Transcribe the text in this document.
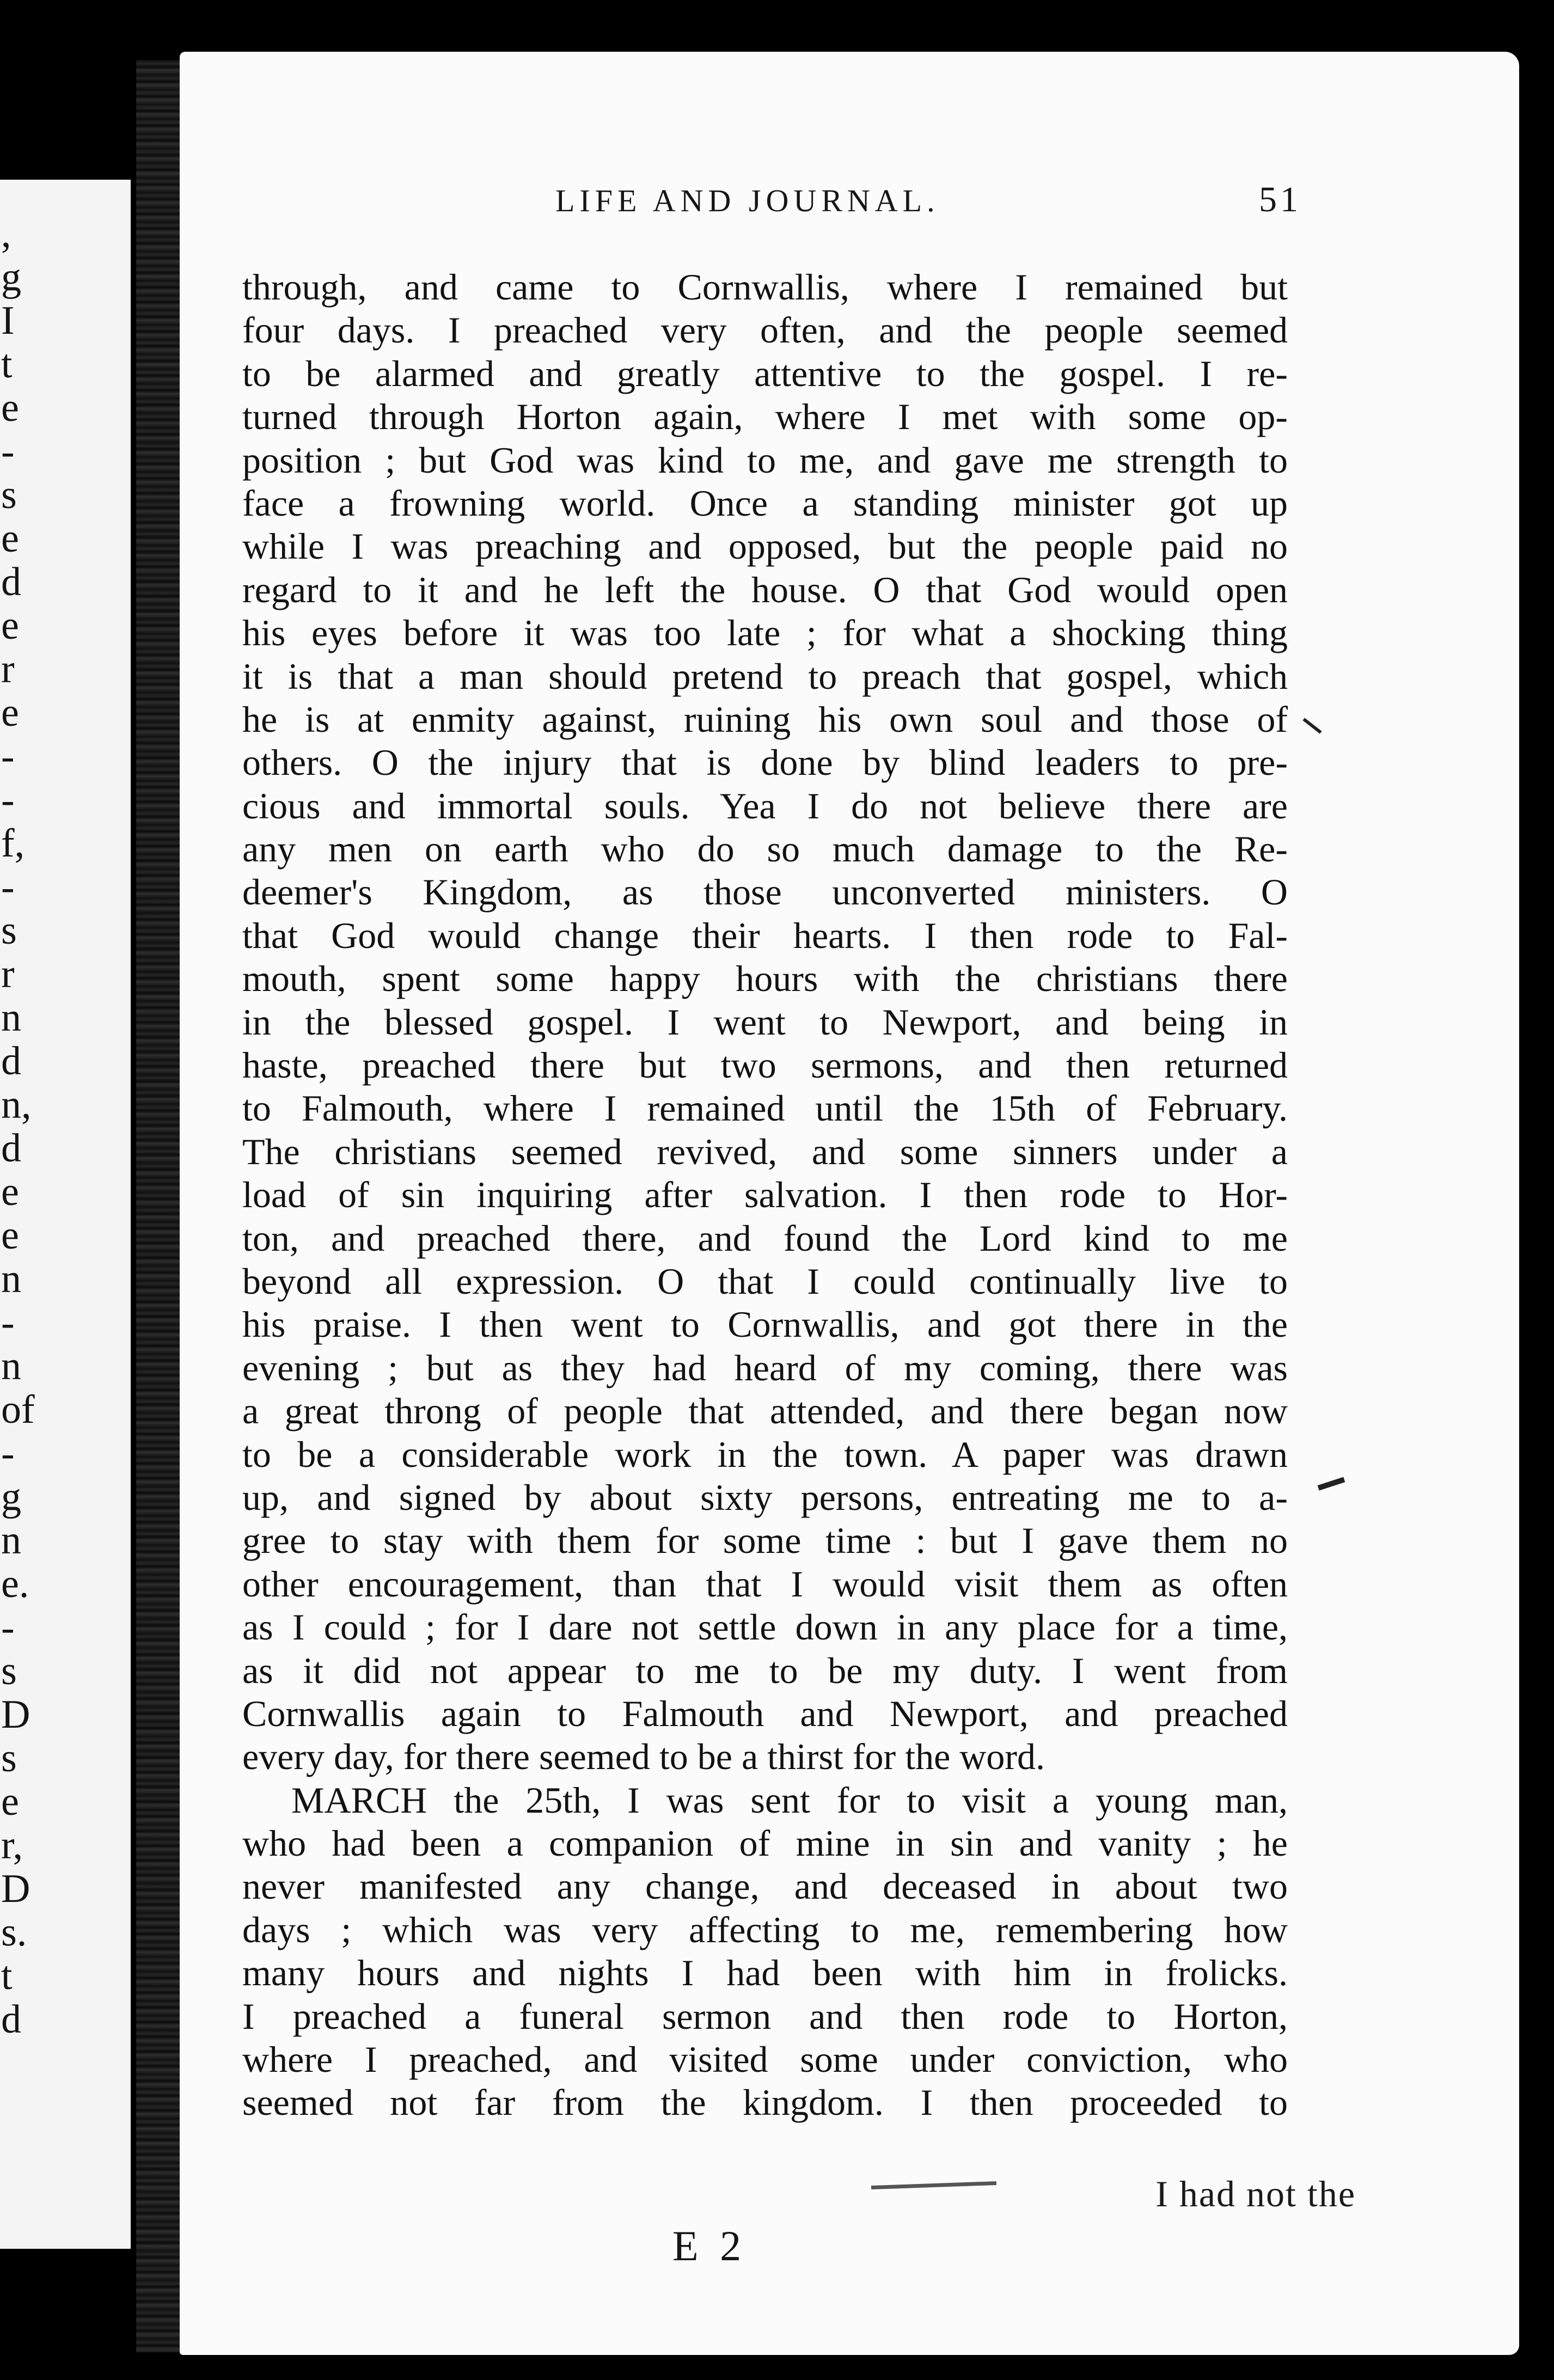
,
g
I
t
e
-
s
e
d
e
r
e
-
-
f,
-
s
r
n
d
n,
d
e
e
n
-
n
of
-
g
n
e.
-
s
D
s
e
r,
D
s.
t
d
LIFE AND JOURNAL.	51
through, and came to Cornwallis, where I remained but
four days. I preached very often, and the people seemed
to be alarmed and greatly attentive to the gospel. I re-
turned through Horton again, where I met with some op-
position ; but God was kind to me, and gave me strength to
face a frowning world. Once a standing minister got up
while I was preaching and opposed, but the people paid no
regard to it and he left the house. O that God would open
his eyes before it was too late ; for what a shocking thing
it is that a man should pretend to preach that gospel, which
he is at enmity against, ruining his own soul and those of
others. O the injury that is done by blind leaders to pre-
cious and immortal souls. Yea I do not believe there are
any men on earth who do so much damage to the Re-
deemer's Kingdom, as those unconverted ministers. O
that God would change their hearts. I then rode to Fal-
mouth, spent some happy hours with the christians there
in the blessed gospel. I went to Newport, and being in
haste, preached there but two sermons, and then returned
to Falmouth, where I remained until the 15th of February.
The christians seemed revived, and some sinners under a
load of sin inquiring after salvation. I then rode to Hor-
ton, and preached there, and found the Lord kind to me
beyond all expression. O that I could continually live to
his praise. I then went to Cornwallis, and got there in the
evening ; but as they had heard of my coming, there was
a great throng of people that attended, and there began now
to be a considerable work in the town. A paper was drawn
up, and signed by about sixty persons, entreating me to a-
gree to stay with them for some time : but I gave them no
other encouragement, than that I would visit them as often
as I could ; for I dare not settle down in any place for a time,
as it did not appear to me to be my duty. I went from
Cornwallis again to Falmouth and Newport, and preached
every day, for there seemed to be a thirst for the word.
MARCH the 25th, I was sent for to visit a young man,
who had been a companion of mine in sin and vanity ; he
never manifested any change, and deceased in about two
days ; which was very affecting to me, remembering how
many hours and nights I had been with him in frolicks.
I preached a funeral sermon and then rode to Horton,
where I preached, and visited some under conviction, who
seemed not far from the kingdom. I then proceeded to
I had not the
E 2
